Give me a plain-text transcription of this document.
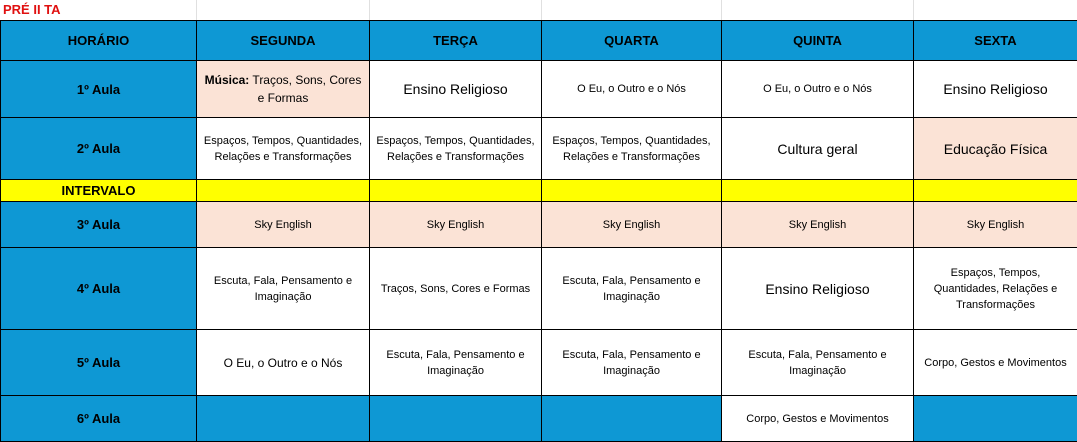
PRÉ II TA
HORÁRIO	SEGUNDA	TERÇA	QUARTA	QUINTA	SEXTA
1º Aula	Música: Traços, Sons, Cores e Formas	Ensino Religioso	O Eu, o Outro e o Nós	O Eu, o Outro e o Nós	Ensino Religioso
2º Aula	Espaços, Tempos, Quantidades, Relações e Transformações	Espaços, Tempos, Quantidades, Relações e Transformações	Espaços, Tempos, Quantidades, Relações e Transformações	Cultura geral	Educação Física
INTERVALO					
3º Aula	Sky English	Sky English	Sky English	Sky English	Sky English
4º Aula	Escuta, Fala, Pensamento e Imaginação	Traços, Sons, Cores e Formas	Escuta, Fala, Pensamento e Imaginação	Ensino Religioso	Espaços, Tempos, Quantidades, Relações e Transformações
5º Aula	O Eu, o Outro e o Nós	Escuta, Fala, Pensamento e Imaginação	Escuta, Fala, Pensamento e Imaginação	Escuta, Fala, Pensamento e Imaginação	Corpo, Gestos e Movimentos
6º Aula				Corpo, Gestos e Movimentos	
